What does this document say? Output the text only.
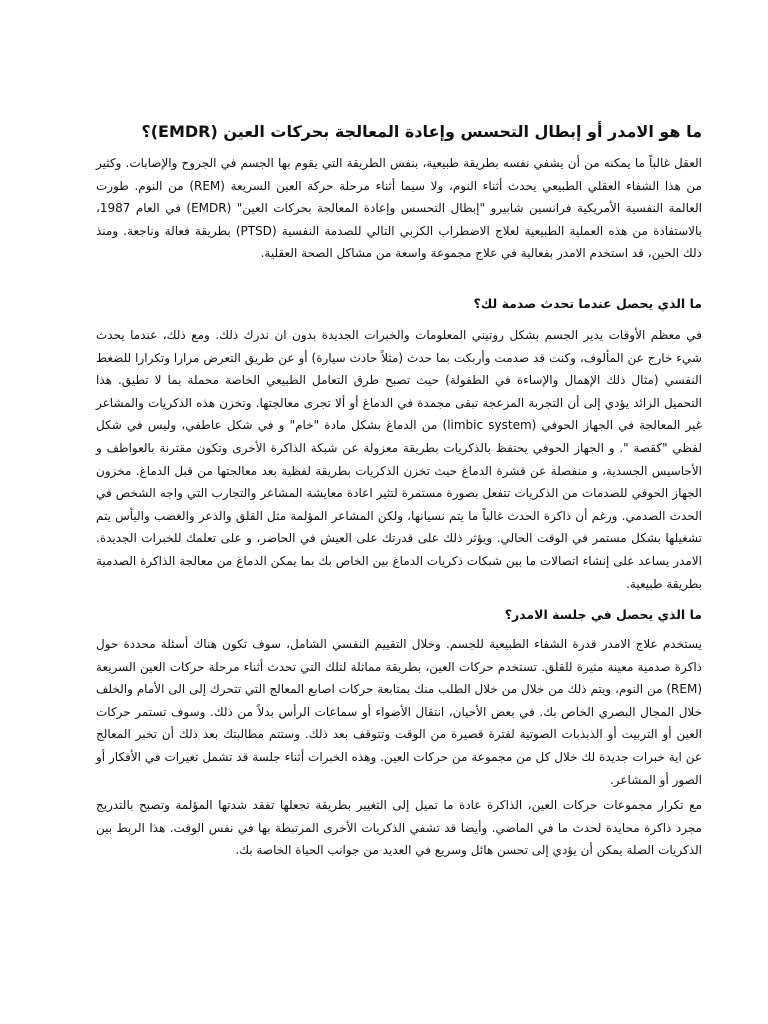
ما هو الامدر أو إبطال التحسس وإعادة المعالجة بحركات العين (EMDR)؟

العقل غالباً ما يمكنه من أن يشفي نفسه بطريقة طبيعية، بنفس الطريقة التي يقوم بها الجسم في الجروح والإصابات. وكثير من هذا الشفاء العقلي الطبيعي يحدث أثناء النوم، ولا سيما أثناء مرحلة حركة العين السريعة (REM) من النوم. طورت العالمة النفسية الأمريكية فرانسين شابيرو "إبطال التحسس وإعادة المعالجة بحركات العين" (EMDR) في العام 1987، بالاستفادة من هذه العملية الطبيعية لعلاج الاضطراب الكربي التالي للصدمة النفسية (PTSD) بطريقة فعالة وناجعة. ومنذ ذلك الحين، قد استخدم الامدر بفعالية في علاج مجموعة واسعة من مشاكل الصحة العقلية.

ما الذي يحصل عندما تحدث صدمة لك؟

في معظم الأوقات يدير الجسم بشكل روتيني المعلومات والخبرات الجديدة بدون ان ندرك ذلك. ومع ذلك، عندما يحدث شيء خارج عن المألوف، وكنت قد صدمت وأربكت بما حدث (مثلاً حادث سيارة) أو عن طريق التعرض مرارا وتكرارا للضغط النفسي (مثال ذلك الإهمال والإساءة في الطفولة) حيث تصبح طرق التعامل الطبيعي الخاصة محملة بما لا تطيق. هذا التحميل الزائد يؤدي إلى أن التجربة المزعجة تبقى مجمدة في الدماغ أو ألا تجرى معالجتها. وتخزن هذه الذكريات والمشاعر غير المعالجة في الجهاز الحوفي (limbic system) من الدماغ بشكل مادة "خام" و في شكل عاطفي، وليس في شكل لفظي "كقصة ". و الجهاز الحوفي يحتفظ بالذكريات بطريقة معزولة عن شبكة الذاكرة الأخرى وتكون مقترنة بالعواطف و الأحاسيس الجسدية، و منفصلة عن قشرة الدماغ حيث تخزن الذكريات بطريقة لفظية بعد معالجتها من قبل الدماغ. مخزون الجهاز الحوفي للصدمات من الذكريات تتفعل بصورة مستمرة لتثير اعادة معايشة المشاعر والتجارب التي واجه الشخص في الحدث الصدمي. ورغم أن ذاكرة الحدث غالباً ما يتم نسيانها، ولكن المشاعر المؤلمة مثل القلق والذعر والغضب واليأس يتم تشغيلها بشكل مستمر في الوقت الحالي. ويؤثر ذلك على قدرتك على العيش في الحاضر، و على تعلمك للخبرات الجديدة. الامدر يساعد على إنشاء اتصالات ما بين شبكات ذكريات الدماغ بين الخاص بك بما يمكن الدماغ من معالجة الذاكرة الصدمية بطريقة طبيعية.

ما الذي يحصل في جلسة الامدر؟

يستخدم علاج الامدر قدرة الشفاء الطبيعية للجسم. وخلال التقييم النفسي الشامل، سوف تكون هناك أسئلة محددة حول ذاكرة صدمية معينة مثيرة للقلق. تستخدم حركات العين، بطريقة مماثلة لتلك التي تحدث أثناء مرحلة حركات العين السريعة (REM) من النوم، ويتم ذلك من خلال من خلال الطلب منك بمتابعة حركات اصابع المعالج التي تتحرك إلى الى الأمام والخلف خلال المجال البصري الخاص بك. في بعض الأحيان، انتقال الأضواء أو سماعات الرأس بدلاً من ذلك. وسوف تستمر حركات العين أو التربيت أو الذبذبات الصوتية لفترة قصيرة من الوقت وتتوقف بعد ذلك. وستتم مطالبتك بعد ذلك أن تخبر المعالج عن اية خبرات جديدة لك خلال كل من مجموعة من حركات العين. وهذه الخبرات أثناء جلسة قد تشمل تغيرات في الأفكار أو الصور أو المشاعر.

مع تكرار مجموعات حركات العين، الذاكرة عادة ما تميل إلى التغيير بطريقة تجعلها تفقد شدتها المؤلمة وتصبح بالتدريج مجرد ذاكرة محايدة لحدث ما في الماضي. وأيضا قد تشفي الذكريات الأخرى المرتبطة بها في نفس الوقت. هذا الربط بين الذكريات الصلة يمكن أن يؤدي إلى تحسن هائل وسريع في العديد من جوانب الحياة الخاصة بك.
